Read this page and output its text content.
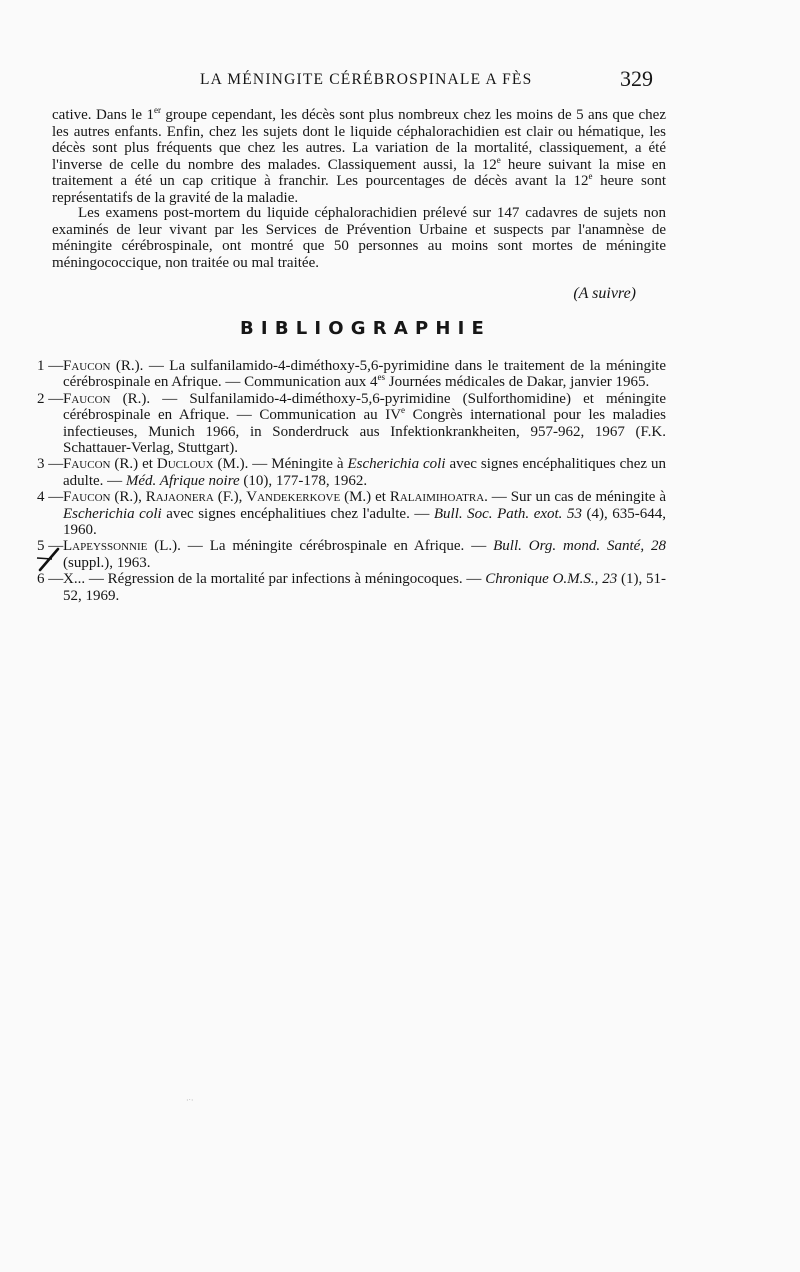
LA MÉNINGITE CÉRÉBROSPINALE A FÈS	329

cative. Dans le 1er groupe cependant, les décès sont plus nombreux chez les moins de 5 ans que chez les autres enfants. Enfin, chez les sujets dont le liquide céphalorachidien est clair ou hématique, les décès sont plus fréquents que chez les autres. La variation de la mortalité, classiquement, a été l'inverse de celle du nombre des malades. Classiquement aussi, la 12e heure suivant la mise en traitement a été un cap critique à franchir. Les pourcentages de décès avant la 12e heure sont représentatifs de la gravité de la maladie.

Les examens post-mortem du liquide céphalorachidien prélevé sur 147 cadavres de sujets non examinés de leur vivant par les Services de Prévention Urbaine et suspects par l'anamnèse de méningite cérébrospinale, ont montré que 50 personnes au moins sont mortes de méningite méningococcique, non traitée ou mal traitée.

(A suivre)
BIBLIOGRAPHIE
1 — Faucon (R.). — La sulfanilamido-4-diméthoxy-5,6-pyrimidine dans le traitement de la méningite cérébrospinale en Afrique. — Communication aux $4^{es}$ Journées médicales de Dakar, janvier 1965.
2 — Faucon (R.). — Sulfanilamido-4-diméthoxy-5,6-pyrimidine (Sulforthomidine) et méningite cérébrospinale en Afrique. — Communication au IVe Congrès international pour les maladies infectieuses, Munich 1966, in Sonderdruck aus Infektionkrankheiten, 957-962, 1967 (F.K. Schattauer-Verlag, Stuttgart).
3 — Faucon (R.) et Ducloux (M.). — Méningite à Escherichia coli avec signes encéphalitiques chez un adulte. — Méd. Afrique noire (10), 177-178, 1962.
4 — Faucon (R.), Rajaonera (F.), Vandekerkove (M.) et Ralaimihoatra. — Sur un cas de méningite à Escherichia coli avec signes encéphalitiues chez l'adulte. — Bull. Soc. Path. exot. 53 (4), 635-644, 1960.
5 — Lapeyssonnie (L.). — La méningite cérébrospinale en Afrique. — Bull. Org. mond. Santé, 28 (suppl.), 1963.
6 — X... — Régression de la mortalité par infections à méningocoques. — Chronique O.M.S., 23 (1), 51-52, 1969.
·ˑ·
